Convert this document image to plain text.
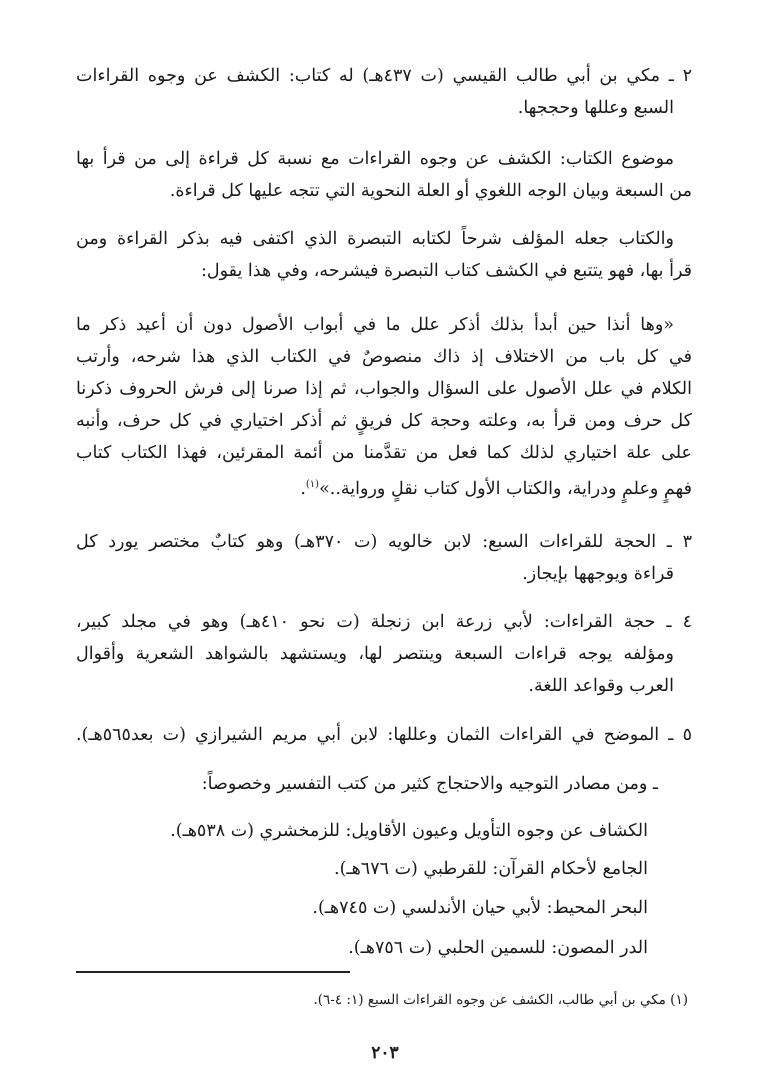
٢ ـ مكي بن أبي طالب القيسي (ت ٤٣٧هـ) له كتاب: الكشف عن وجوه القراءات
السبع وعللها وحججها.
موضوع الكتاب: الكشف عن وجوه القراءات مع نسبة كل قراءة إلى من قرأ بها
من السبعة وبيان الوجه اللغوي أو العلة النحوية التي تتجه عليها كل قراءة.
والكتاب جعله المؤلف شرحاً لكتابه التبصرة الذي اكتفى فيه بذكر القراءة ومن
قرأ بها، فهو يتتبع في الكشف كتاب التبصرة فيشرحه، وفي هذا يقول:
«وها أنذا حين أبدأ بذلك أذكر علل ما في أبواب الأصول دون أن أعيد ذكر ما
في كل باب من الاختلاف إذ ذاك منصوصٌ في الكتاب الذي هذا شرحه، وأرتب
الكلام في علل الأصول على السؤال والجواب، ثم إذا صرنا إلى فرش الحروف ذكرنا
كل حرف ومن قرأ به، وعلته وحجة كل فريقٍ ثم أذكر اختياري في كل حرف، وأنبه
على علة اختياري لذلك كما فعل من تقدَّمنا من أئمة المقرئين، فهذا الكتاب كتاب
فهمٍ وعلمٍ ودراية، والكتاب الأول كتاب نقلٍ ورواية..»$^{(١)}$.
٣ ـ الحجة للقراءات السبع: لابن خالويه (ت ٣٧٠هـ) وهو كتابٌ مختصر يورد كل
قراءة ويوجهها بإيجاز.
٤ ـ حجة القراءات: لأبي زرعة ابن زنجلة (ت نحو ٤١٠هـ) وهو في مجلد كبير،
ومؤلفه يوجه قراءات السبعة وينتصر لها، ويستشهد بالشواهد الشعرية وأقوال
العرب وقواعد اللغة.
٥ ـ الموضح في القراءات الثمان وعللها: لابن أبي مريم الشيرازي (ت بعد٥٦٥هـ).
ـ ومن مصادر التوجيه والاحتجاج كثير من كتب التفسير وخصوصاً:
الكشاف عن وجوه التأويل وعيون الأقاويل: للزمخشري (ت ٥٣٨هـ).
الجامع لأحكام القرآن: للقرطبي (ت ٦٧٦هـ).
البحر المحيط: لأبي حيان الأندلسي (ت ٧٤٥هـ).
الدر المصون: للسمين الحلبي (ت ٧٥٦هـ).
(١) مكي بن أبي طالب، الكشف عن وجوه القراءات السبع (١: ٤-٦).
٢٠٣
